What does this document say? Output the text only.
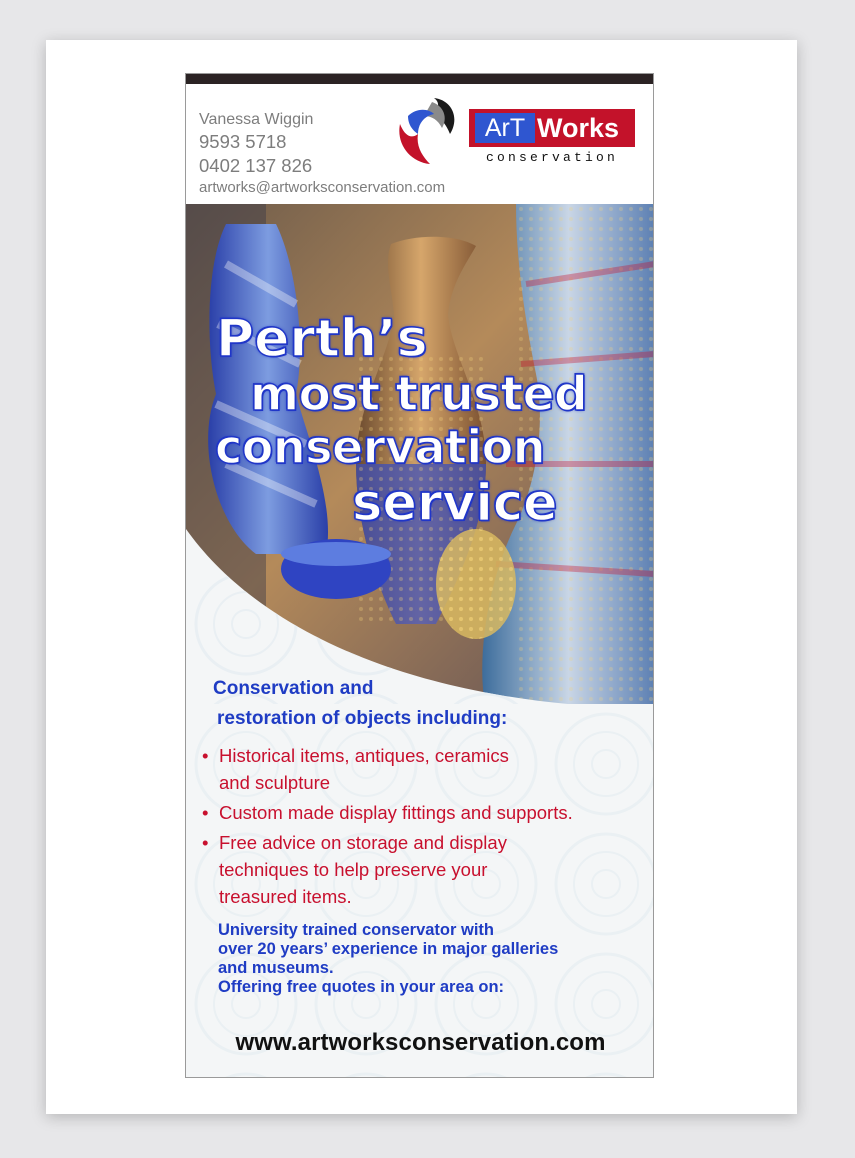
Vanessa Wiggin
9593 5718
0402 137 826
artworks@artworksconservation.com
ArT Works
conservation
Perth’s
most trusted
conservation
service
Conservation and
restoration of objects including:
• Historical items, antiques, ceramics
and sculpture
• Custom made display fittings and supports.
• Free advice on storage and display
techniques to help preserve your
treasured items.
University trained conservator with
over 20 years’ experience in major galleries
and museums.
Offering free quotes in your area on:
www.artworksconservation.com
